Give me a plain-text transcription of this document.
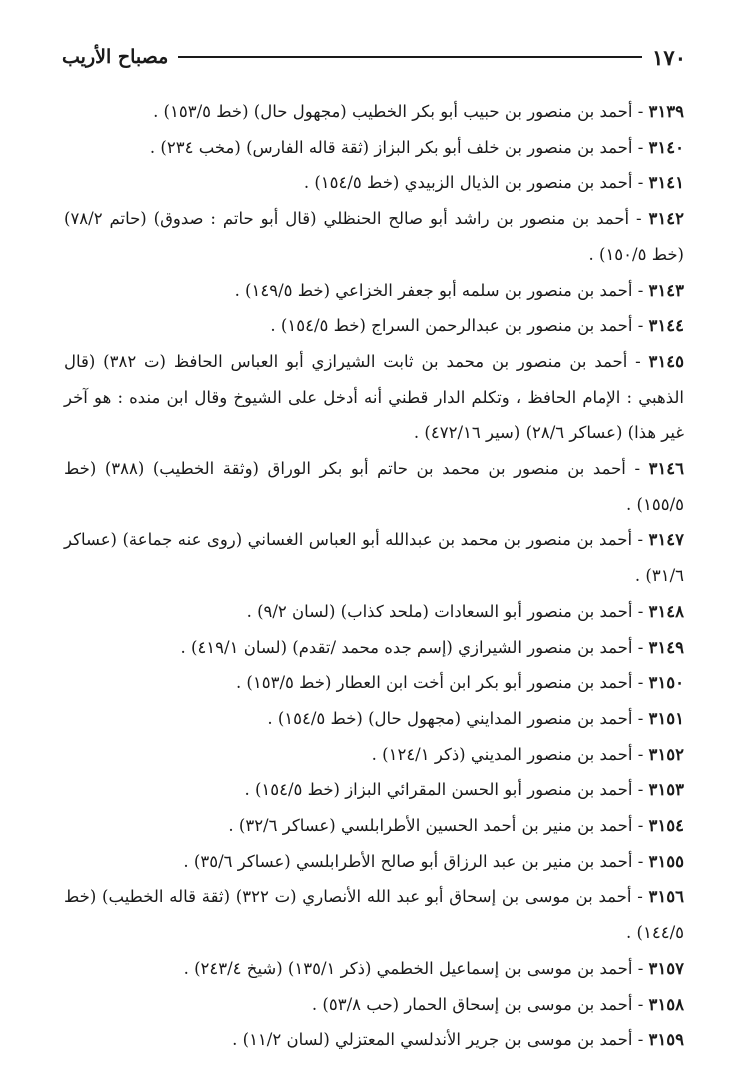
١٧٠
مصباح الأريب
٣١٣٩ - أحمد بن منصور بن حبيب أبو بكر الخطيب (مجهول حال) (خط ١٥٣/٥) .
٣١٤٠ - أحمد بن منصور بن خلف أبو بكر البزاز (ثقة قاله الفارس) (مخب ٢٣٤) .
٣١٤١ - أحمد بن منصور بن الذيال الزبيدي (خط ١٥٤/٥) .
٣١٤٢ - أحمد بن منصور بن راشد أبو صالح الحنظلي (قال أبو حاتم : صدوق) (حاتم ٧٨/٢) (خط ١٥٠/٥) .
٣١٤٣ - أحمد بن منصور بن سلمه أبو جعفر الخزاعي (خط ١٤٩/٥) .
٣١٤٤ - أحمد بن منصور بن عبدالرحمن السراج (خط ١٥٤/٥) .
٣١٤٥ - أحمد بن منصور بن محمد بن ثابت الشيرازي أبو العباس الحافظ (ت ٣٨٢) (قال الذهبي : الإمام الحافظ ، وتكلم الدار قطني أنه أدخل على الشيوخ وقال ابن منده : هو آخر غير هذا) (عساكر ٢٨/٦) (سير ٤٧٢/١٦) .
٣١٤٦ - أحمد بن منصور بن محمد بن حاتم أبو بكر الوراق (وثقة الخطيب) (٣٨٨) (خط ١٥٥/٥) .
٣١٤٧ - أحمد بن منصور بن محمد بن عبدالله أبو العباس الغساني (روى عنه جماعة) (عساكر ٣١/٦) .
٣١٤٨ - أحمد بن منصور أبو السعادات (ملحد كذاب) (لسان ٩/٢) .
٣١٤٩ - أحمد بن منصور الشيرازي (إسم جده محمد /تقدم) (لسان ٤١٩/١) .
٣١٥٠ - أحمد بن منصور أبو بكر ابن أخت ابن العطار (خط ١٥٣/٥) .
٣١٥١ - أحمد بن منصور المدايني (مجهول حال) (خط ١٥٤/٥) .
٣١٥٢ - أحمد بن منصور المديني (ذكر ١٢٤/١) .
٣١٥٣ - أحمد بن منصور أبو الحسن المقرائي البزاز (خط ١٥٤/٥) .
٣١٥٤ - أحمد بن منير بن أحمد الحسين الأطرابلسي (عساكر ٣٢/٦) .
٣١٥٥ - أحمد بن منير بن عبد الرزاق أبو صالح الأطرابلسي (عساكر ٣٥/٦) .
٣١٥٦ - أحمد بن موسى بن إسحاق أبو عبد الله الأنصاري (ت ٣٢٢) (ثقة قاله الخطيب) (خط ١٤٤/٥) .
٣١٥٧ - أحمد بن موسى بن إسماعيل الخطمي (ذكر ١٣٥/١) (شيخ ٢٤٣/٤) .
٣١٥٨ - أحمد بن موسى بن إسحاق الحمار (حب ٥٣/٨) .
٣١٥٩ - أحمد بن موسى بن جرير الأندلسي المعتزلي (لسان ١١/٢) .
